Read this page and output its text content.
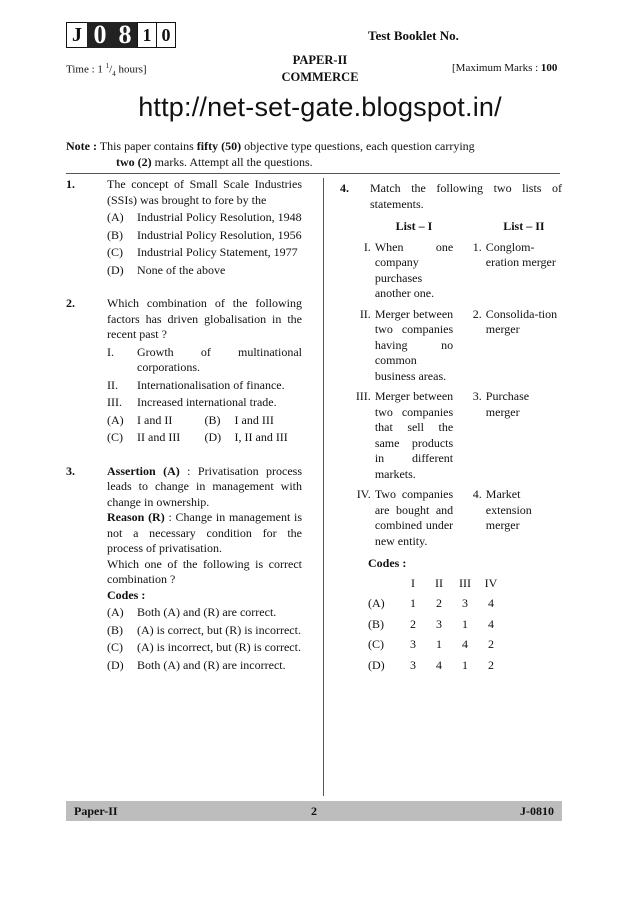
J 0 8 1 0	Test Booklet No.
Time : 1 $^1/_4$ hours]
PAPER-II
COMMERCE
[Maximum Marks : 100
http://net-set-gate.blogspot.in/
Note : This paper contains fifty (50) objective type questions, each question carrying
two (2) marks. Attempt all the questions.
1.	The concept of Small Scale Industries (SSIs) was brought to fore by the
(A)	Industrial Policy Resolution, 1948
(B)	Industrial Policy Resolution, 1956
(C)	Industrial Policy Statement, 1977
(D)	None of the above
2.	Which combination of the following factors has driven globalisation in the recent past ?
I.	Growth of multinational corporations.
II.	Internationalisation of finance.
III.	Increased international trade.
(A)	I and II	(B)	I and III
(C)	II and III (D)	I, II and III
3.	Assertion (A) : Privatisation process leads to change in management with change in ownership.
Reason (R) : Change in management is not a necessary condition for the process of privatisation.
Which one of the following is correct combination ?
Codes :
(A)	Both (A) and (R) are correct.
(B)	(A) is correct, but (R) is incorrect.
(C)	(A) is incorrect, but (R) is correct.
(D)	Both (A) and (R) are incorrect.
4.	Match the following two lists of statements.
	List – I		List – II
I.	When one company purchases another one.	1.	Conglom-eration merger
II.	Merger between two companies having no common business areas.	2.	Consolida-tion merger
III.	Merger between two companies that sell the same products in different markets.	3.	Purchase merger
IV.	Two companies are bought and combined under new entity.	4.	Market extension merger
Codes :
	I	II	III	IV
(A)	1	2	3	4
(B)	2	3	1	4
(C)	3	1	4	2
(D)	3	4	1	2
Paper-II	2	J-0810
